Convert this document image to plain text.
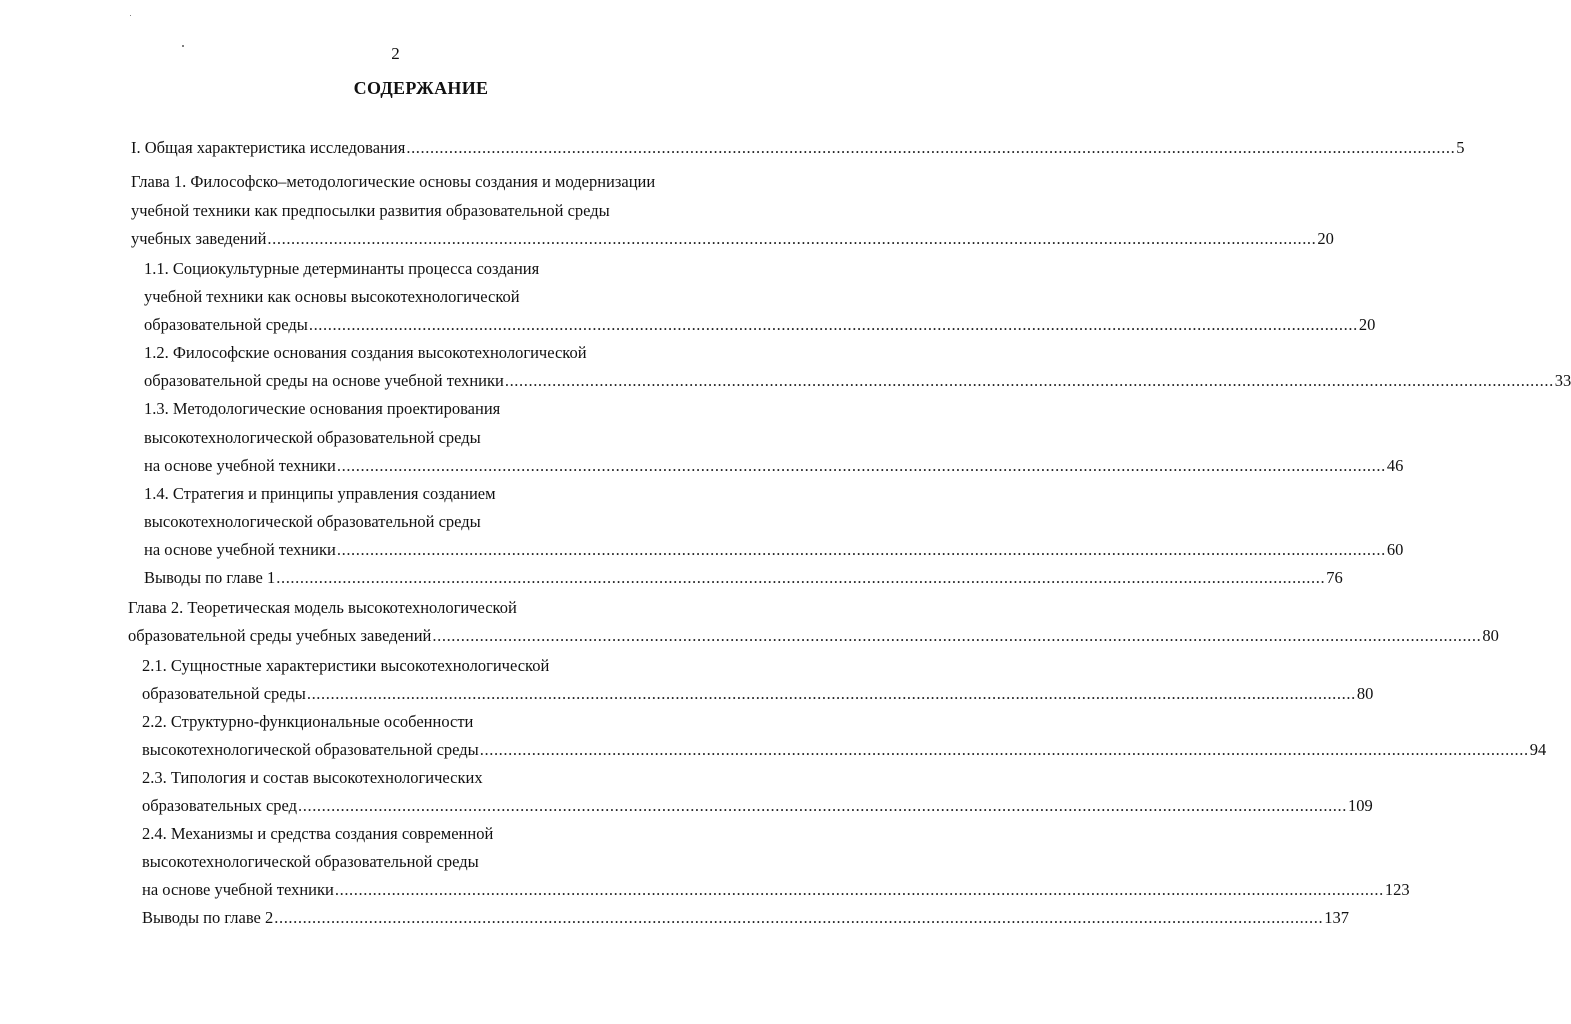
2
СОДЕРЖАНИЕ
I. Общая характеристика исследования .............................................................................................................................................................................................................................. 5
Глава 1. Философско–методологические основы создания и модернизации
учебной техники как предпосылки развития образовательной среды
учебных заведений .............................................................................................................................................................................................................................. 20
1.1. Социокультурные детерминанты процесса создания
учебной техники как основы высокотехнологической
образовательной среды .............................................................................................................................................................................................................................. 20
1.2. Философские основания создания высокотехнологической
образовательной среды на основе учебной техники .............................................................................................................................................................................................................................. 33
1.3. Методологические основания проектирования
высокотехнологической образовательной среды
на основе учебной техники .............................................................................................................................................................................................................................. 46
1.4. Стратегия и принципы управления созданием
высокотехнологической образовательной среды
на основе учебной техники .............................................................................................................................................................................................................................. 60
Выводы по главе 1 .............................................................................................................................................................................................................................. 76
Глава 2. Теоретическая модель высокотехнологической
образовательной среды учебных заведений .............................................................................................................................................................................................................................. 80
2.1. Сущностные характеристики высокотехнологической
образовательной среды .............................................................................................................................................................................................................................. 80
2.2. Структурно-функциональные особенности
высокотехнологической образовательной среды .............................................................................................................................................................................................................................. 94
2.3. Типология и состав высокотехнологических
образовательных сред .............................................................................................................................................................................................................................. 109
2.4. Механизмы и средства создания современной
высокотехнологической образовательной среды
на основе учебной техники .............................................................................................................................................................................................................................. 123
Выводы по главе 2 .............................................................................................................................................................................................................................. 137
